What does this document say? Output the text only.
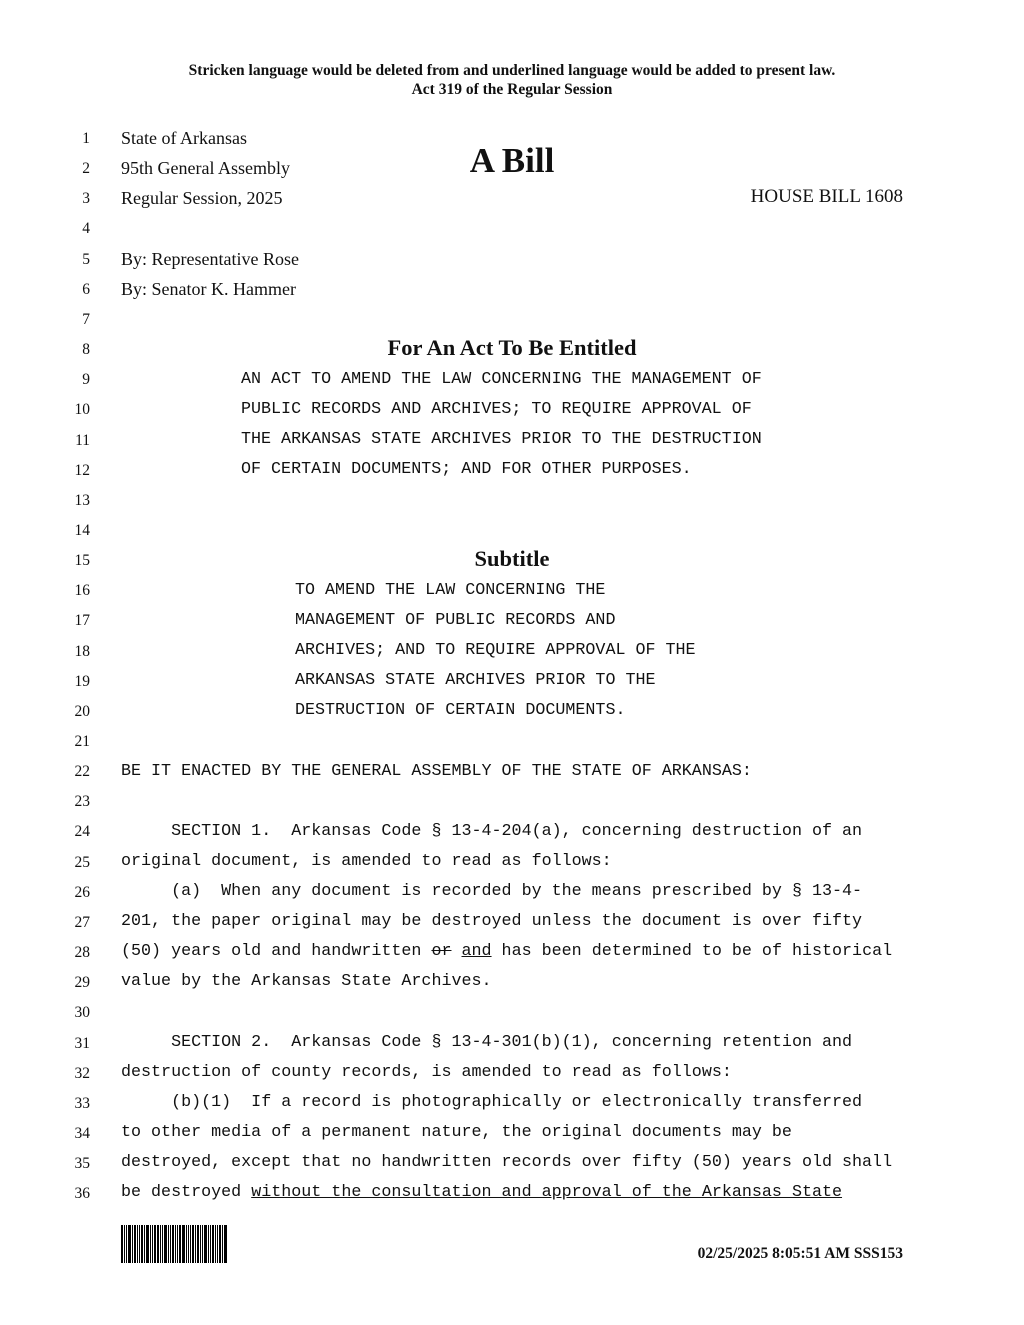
Stricken language would be deleted from and underlined language would be added to present law.
Act 319 of the Regular Session
1
2
3
4
5
6
7
8
9
10
11
12
13
14
15
16
17
18
19
20
21
22
23
24
25
26
27
28
29
30
31
32
33
34
35
36
State of Arkansas
95th General Assembly	A Bill
Regular Session, 2025	HOUSE BILL 1608
By: Representative Rose
By: Senator K. Hammer
For An Act To Be Entitled
AN ACT TO AMEND THE LAW CONCERNING THE MANAGEMENT OF
PUBLIC RECORDS AND ARCHIVES; TO REQUIRE APPROVAL OF
THE ARKANSAS STATE ARCHIVES PRIOR TO THE DESTRUCTION
OF CERTAIN DOCUMENTS; AND FOR OTHER PURPOSES.
Subtitle
TO AMEND THE LAW CONCERNING THE
MANAGEMENT OF PUBLIC RECORDS AND
ARCHIVES; AND TO REQUIRE APPROVAL OF THE
ARKANSAS STATE ARCHIVES PRIOR TO THE
DESTRUCTION OF CERTAIN DOCUMENTS.
BE IT ENACTED BY THE GENERAL ASSEMBLY OF THE STATE OF ARKANSAS:
SECTION 1.  Arkansas Code § 13-4-204(a), concerning destruction of an
original document, is amended to read as follows:
(a)  When any document is recorded by the means prescribed by § 13-4-
201, the paper original may be destroyed unless the document is over fifty
(50) years old and handwritten or and has been determined to be of historical
value by the Arkansas State Archives.
SECTION 2.  Arkansas Code § 13-4-301(b)(1), concerning retention and
destruction of county records, is amended to read as follows:
(b)(1)  If a record is photographically or electronically transferred
to other media of a permanent nature, the original documents may be
destroyed, except that no handwritten records over fifty (50) years old shall
be destroyed without the consultation and approval of the Arkansas State
02/25/2025 8:05:51 AM SSS153
